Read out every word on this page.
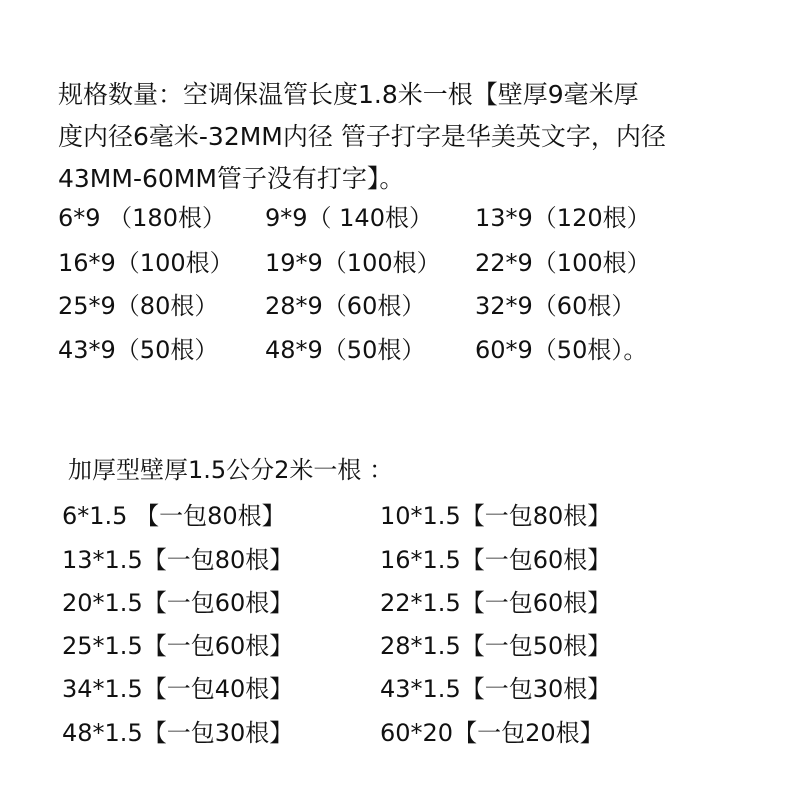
规格数量：空调保温管长度1.8米一根【壁厚9毫米厚
度内径6毫米-32MM内径 管子打字是华美英文字，内径
43MM-60MM管子没有打字】。
6*9 （180根） 9*9（ 140根） 13*9（120根）
16*9（100根） 19*9（100根） 22*9（100根）
25*9（80根） 28*9（60根） 32*9（60根）
43*9（50根） 48*9（50根） 60*9（50根）。
加厚型壁厚1.5公分2米一根 ：
6*1.5 【一包80根】	10*1.5【一包80根】
13*1.5【一包80根】	16*1.5【一包60根】
20*1.5【一包60根】	22*1.5【一包60根】
25*1.5【一包60根】	28*1.5【一包50根】
34*1.5【一包40根】	43*1.5【一包30根】
48*1.5【一包30根】	60*20【一包20根】
